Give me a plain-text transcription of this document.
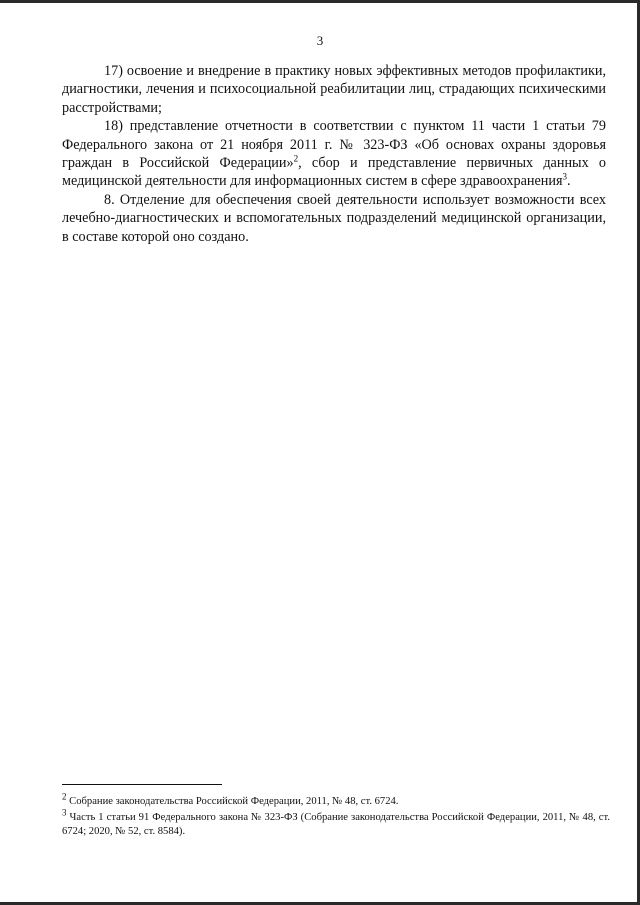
3

17) освоение и внедрение в практику новых эффективных методов профилактики, диагностики, лечения и психосоциальной реабилитации лиц, страдающих психическими расстройствами;

18) представление отчетности в соответствии с пунктом 11 части 1 статьи 79 Федерального закона от 21 ноября 2011 г. № 323-ФЗ «Об основах охраны здоровья граждан в Российской Федерации»$^2$, сбор и представление первичных данных о медицинской деятельности для информационных систем в сфере здравоохранения$^3$.

8. Отделение для обеспечения своей деятельности использует возможности всех лечебно-диагностических и вспомогательных подразделений медицинской организации, в составе которой оно создано.

$^2$ Собрание законодательства Российской Федерации, 2011, № 48, ст. 6724.

$^3$ Часть 1 статьи 91 Федерального закона № 323-ФЗ (Собрание законодательства Российской Федерации, 2011, № 48, ст. 6724; 2020, № 52, ст. 8584).
